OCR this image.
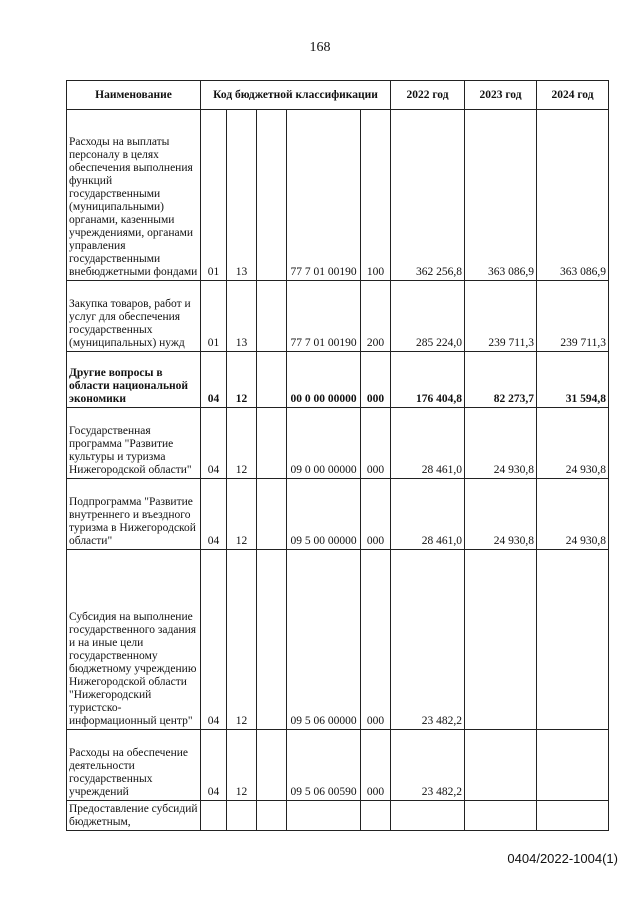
168
Наименование	Код бюджетной классификации					2022 год	2023 год	2024 год
Расходы на выплаты персоналу в целях обеспечения выполнения функций государственными (муниципальными) органами, казенными учреждениями, органами управления государственными внебюджетными фондами	01	13		77 7 01 00190	100	362 256,8	363 086,9	363 086,9
Закупка товаров, работ и услуг для обеспечения государственных (муниципальных) нужд	01	13		77 7 01 00190	200	285 224,0	239 711,3	239 711,3
Другие вопросы в области национальной экономики	04	12		00 0 00 00000	000	176 404,8	82 273,7	31 594,8
Государственная программа "Развитие культуры и туризма Нижегородской области"	04	12		09 0 00 00000	000	28 461,0	24 930,8	24 930,8
Подпрограмма "Развитие внутреннего и въездного туризма в Нижегородской области"	04	12		09 5 00 00000	000	28 461,0	24 930,8	24 930,8
Субсидия на выполнение государственного задания и на иные цели государственному бюджетному учреждению Нижегородской области "Нижегородский туристско-информационный центр"	04	12		09 5 06 00000	000	23 482,2		
Расходы на обеспечение деятельности государственных учреждений	04	12		09 5 06 00590	000	23 482,2		
Предоставление субсидий бюджетным,								
0404/2022-1004(1)
